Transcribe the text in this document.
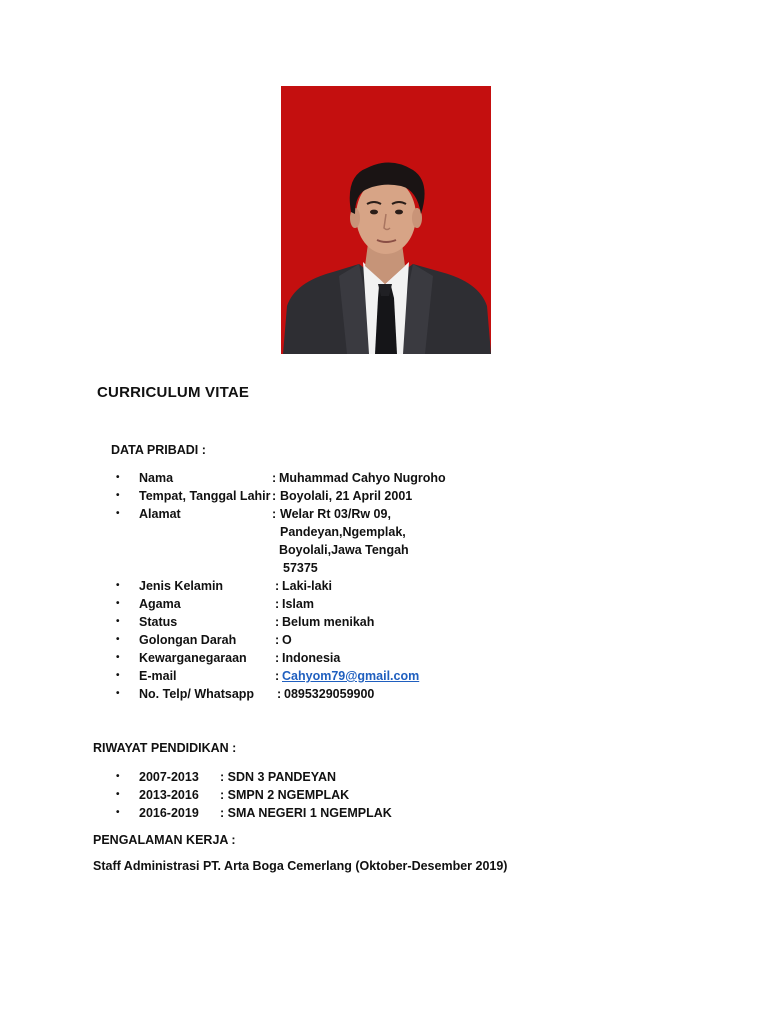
CURRICULUM VITAE
DATA PRIBADI :
• Nama	: Muhammad Cahyo Nugroho
• Tempat, Tanggal Lahir : Boyolali, 21 April 2001
• Alamat	: Welar Rt 03/Rw 09,
Pandeyan,Ngemplak,
Boyolali,Jawa Tengah
57375
• Jenis Kelamin	: Laki-laki
• Agama	: Islam
• Status	: Belum menikah
• Golongan Darah	: O
• Kewarganegaraan : Indonesia
• E-mail	: Cahyom79@gmail.com
• No. Telp/ Whatsapp : 0895329059900
RIWAYAT PENDIDIKAN :
• 2007-2013 : SDN 3 PANDEYAN
• 2013-2016 : SMPN 2 NGEMPLAK
• 2016-2019 : SMA NEGERI 1 NGEMPLAK
PENGALAMAN KERJA :
Staff Administrasi PT. Arta Boga Cemerlang (Oktober-Desember 2019)
